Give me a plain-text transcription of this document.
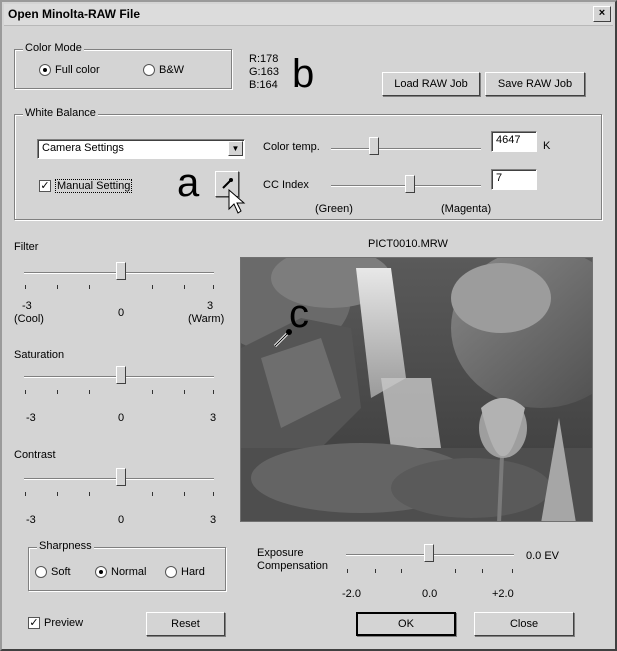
Open Minolta-RAW File	×
Color Mode
Full color	B&W
R:178
G:163
B:164 b	Load RAW Job	Save RAW Job
White Balance
Camera Settings	▼
✓ Manual Setting a
Color temp.
4647	K
CC Index
7
(Green)	(Magenta)
PICT0010.MRW
Filter
-3
0
3
(Cool)	(Warm)
Saturation
-3	0	3
Contrast
-3	0	3
Sharpness
Soft	Normal	Hard
c
Exposure
Compensation
0.0 EV
-2.0	0.0	+2.0
✓ Preview	Reset	OK	Close
